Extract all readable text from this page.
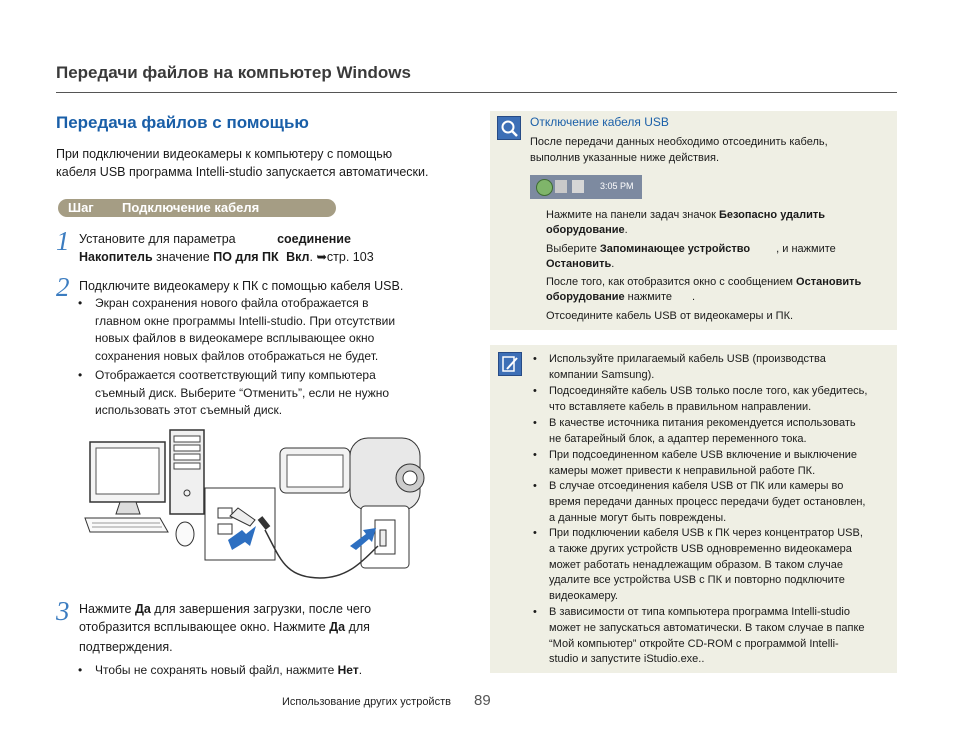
Передачи файлов на компьютер Windows
Передача файлов с помощью
При подключении видеокамеры к компьютеру с помощью
кабеля USB программа Intelli-studio запускается автоматически.
Шаг Подключение кабеля
1 Установите для параметра	соединение
Накопитель значение ПО для ПК Вкл. ➥стр. 103
2 Подключите видеокамеру к ПК с помощью кабеля USB.
• Экран сохранения нового файла отображается в
главном окне программы Intelli-studio. При отсутствии
новых файлов в видеокамере всплывающее окно
сохранения новых файлов отображаться не будет.
• Отображается соответствующий типу компьютера
съемный диск. Выберите “Отменить”, если не нужно
использовать этот съемный диск.
3 Нажмите Да для завершения загрузки, после чего
отобразится всплывающее окно. Нажмите Да для
подтверждения.
• Чтобы не сохранять новый файл, нажмите Нет.
Отключение кабеля USB
После передачи данных необходимо отсоединить кабель,
выполнив указанные ниже действия.
3:05 PM
Нажмите на панели задач значок Безопасно удалить
оборудование.
Выберите Запоминающее устройство , и нажмите
Остановить.
После того, как отобразится окно с сообщением Остановить
оборудование нажмите .
Отсоедините кабель USB от видеокамеры и ПК.
• Используйте прилагаемый кабель USB (производства
компании Samsung).
• Подсоединяйте кабель USB только после того, как убедитесь,
что вставляете кабель в правильном направлении.
• В качестве источника питания рекомендуется использовать
не батарейный блок, а адаптер переменного тока.
• При подсоединенном кабеле USB включение и выключение
камеры может привести к неправильной работе ПК.
• В случае отсоединения кабеля USB от ПК или камеры во
время передачи данных процесс передачи будет остановлен,
а данные могут быть повреждены.
• При подключении кабеля USB к ПК через концентратор USB,
а также других устройств USB одновременно видеокамера
может работать ненадлежащим образом. В таком случае
удалите все устройства USB с ПК и повторно подключите
видеокамеру.
• В зависимости от типа компьютера программа Intelli-studio
может не запускаться автоматически. В таком случае в папке
“Мой компьютер” откройте CD-ROM с программой Intelli-
studio и запустите iStudio.exe..
Использование других устройств 89
